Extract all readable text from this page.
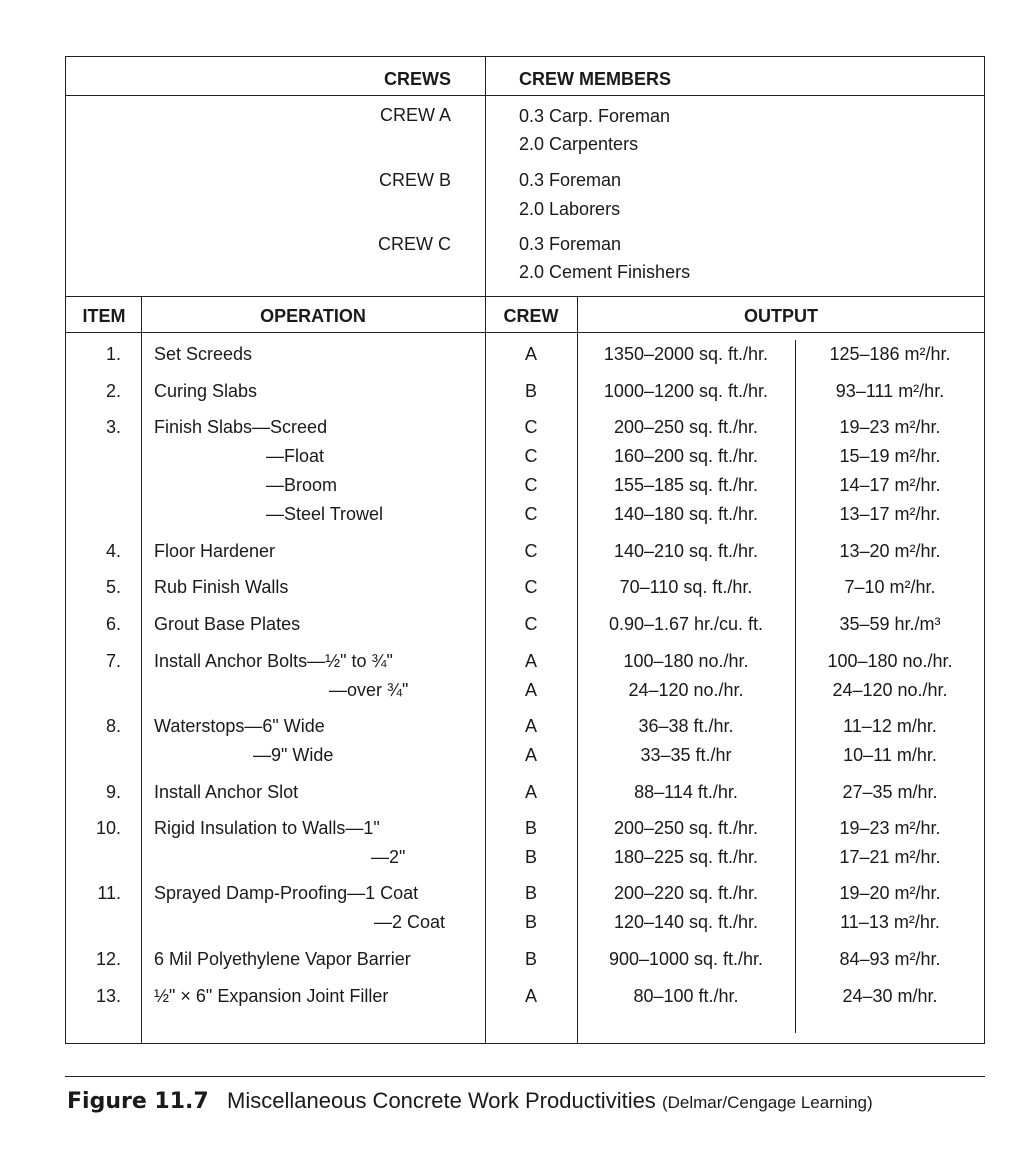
CREWS	CREW MEMBERS
CREW A	0.3 Carp. Foreman
2.0 Carpenters
CREW B	0.3 Foreman
2.0 Laborers
CREW C	0.3 Foreman
2.0 Cement Finishers
ITEM	OPERATION	CREW	OUTPUT
1. Set Screeds	A	1350–2000 sq. ft./hr.	125–186 m²/hr.
2. Curing Slabs	B	1000–1200 sq. ft./hr.	93–111 m²/hr.
3. Finish Slabs—Screed	C	200–250 sq. ft./hr.	19–23 m²/hr.
—Float	C	160–200 sq. ft./hr.	15–19 m²/hr.
—Broom	C	155–185 sq. ft./hr.	14–17 m²/hr.
—Steel Trowel	C	140–180 sq. ft./hr.	13–17 m²/hr.
4. Floor Hardener	C	140–210 sq. ft./hr.	13–20 m²/hr.
5. Rub Finish Walls	C	70–110 sq. ft./hr.	7–10 m²/hr.
6. Grout Base Plates	C	0.90–1.67 hr./cu. ft.	35–59 hr./m³
7. Install Anchor Bolts—½" to ¾"	A	100–180 no./hr.	100–180 no./hr.
—over ¾"	A	24–120 no./hr.	24–120 no./hr.
8. Waterstops—6" Wide	A	36–38 ft./hr.	11–12 m/hr.
—9" Wide	A	33–35 ft./hr	10–11 m/hr.
9. Install Anchor Slot	A	88–114 ft./hr.	27–35 m/hr.
10. Rigid Insulation to Walls—1"	B	200–250 sq. ft./hr.	19–23 m²/hr.
—2"	B	180–225 sq. ft./hr.	17–21 m²/hr.
11. Sprayed Damp-Proofing—1 Coat	B	200–220 sq. ft./hr.	19–20 m²/hr.
—2 Coat	B	120–140 sq. ft./hr.	11–13 m²/hr.
12. 6 Mil Polyethylene Vapor Barrier	B	900–1000 sq. ft./hr.	84–93 m²/hr.
13. ½" × 6" Expansion Joint Filler	A	80–100 ft./hr.	24–30 m/hr.
Figure 11.7 Miscellaneous Concrete Work Productivities (Delmar/Cengage Learning)
